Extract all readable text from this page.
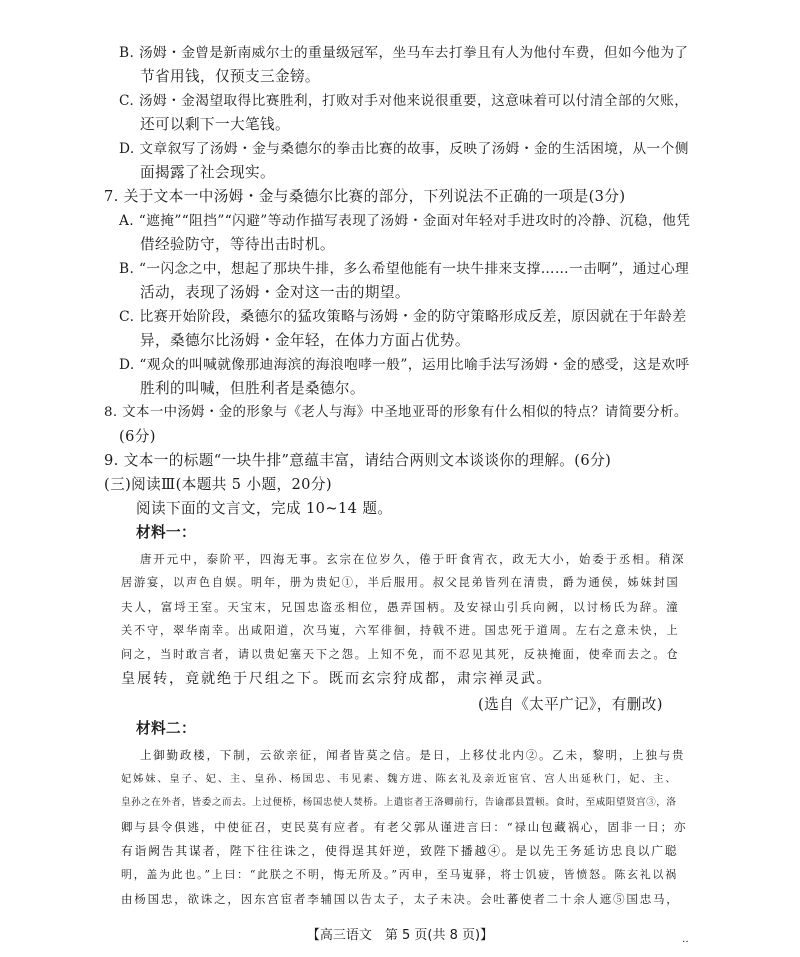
B. 汤姆・金曾是新南威尔士的重量级冠军，坐马车去打拳且有人为他付车费，但如今他为了
节省用钱，仅预支三金镑。
C. 汤姆・金渴望取得比赛胜利，打败对手对他来说很重要，这意味着可以付清全部的欠账，
还可以剩下一大笔钱。
D. 文章叙写了汤姆・金与桑德尔的拳击比赛的故事，反映了汤姆・金的生活困境，从一个侧
面揭露了社会现实。
7. 关于文本一中汤姆・金与桑德尔比赛的部分，下列说法不正确的一项是(3分)
A. “遮掩”“阻挡”“闪避”等动作描写表现了汤姆・金面对年轻对手进攻时的冷静、沉稳，他凭
借经验防守，等待出击时机。
B. “一闪念之中，想起了那块牛排，多么希望他能有一块牛排来支撑……一击啊”，通过心理
活动，表现了汤姆・金对这一击的期望。
C. 比赛开始阶段，桑德尔的猛攻策略与汤姆・金的防守策略形成反差，原因就在于年龄差
异，桑德尔比汤姆・金年轻，在体力方面占优势。
D. “观众的叫喊就像那迪海滨的海浪咆哮一般”，运用比喻手法写汤姆・金的感受，这是欢呼
胜利的叫喊，但胜利者是桑德尔。
8. 文本一中汤姆・金的形象与《老人与海》中圣地亚哥的形象有什么相似的特点？请简要分析。
(6分)
9. 文本一的标题“一块牛排”意蕴丰富，请结合两则文本谈谈你的理解。(6分)
(三)阅读Ⅲ(本题共 5 小题，20分)
阅读下面的文言文，完成 10~14 题。
材料一：
唐开元中，泰阶平，四海无事。玄宗在位岁久，倦于旰食宵衣，政无大小，始委于丞相。稍深
居游宴，以声色自娱。明年，册为贵妃①，半后服用。叔父昆弟皆列在清贵，爵为通侯，姊妹封国
夫人，富埒王室。天宝末，兄国忠盗丞相位，愚弄国柄。及安禄山引兵向阙，以讨杨氏为辞。潼
关不守，翠华南幸。出咸阳道，次马嵬，六军徘徊，持戟不进。国忠死于道周。左右之意未快，上
问之，当时敢言者，请以贵妃塞天下之怨。上知不免，而不忍见其死，反袂掩面，使牵而去之。仓
皇展转，竟就绝于尺组之下。既而玄宗狩成都，肃宗禅灵武。
(选自《太平广记》，有删改)
材料二：
上御勤政楼，下制，云欲亲征，闻者皆莫之信。是日，上移仗北内②。乙未，黎明，上独与贵
妃姊妹、皇子、妃、主、皇孙、杨国忠、韦见素、魏方进、陈玄礼及亲近宦官、宫人出延秋门，妃、主、
皇孙之在外者，皆委之而去。上过便桥，杨国忠使人焚桥。上遣宦者王洛卿前行，告谕郡县置顿。食时，至咸阳望贤宫③，洛
卿与县令俱逃，中使征召，吏民莫有应者。有老父郭从谨进言曰：“禄山包藏祸心，固非一日；亦
有诣阙告其谋者，陛下往往诛之，使得逞其奸逆，致陛下播越④。是以先王务延访忠良以广聪
明，盖为此也。”上曰：“此朕之不明，悔无所及。”丙申，至马嵬驿，将士饥疲，皆愤怒。陈玄礼以祸
由杨国忠，欲诛之，因东宫宦者李辅国以告太子，太子未决。会吐蕃使者二十余人遮⑤国忠马，
【高三语文　第 5 页(共 8 页)】	‥
